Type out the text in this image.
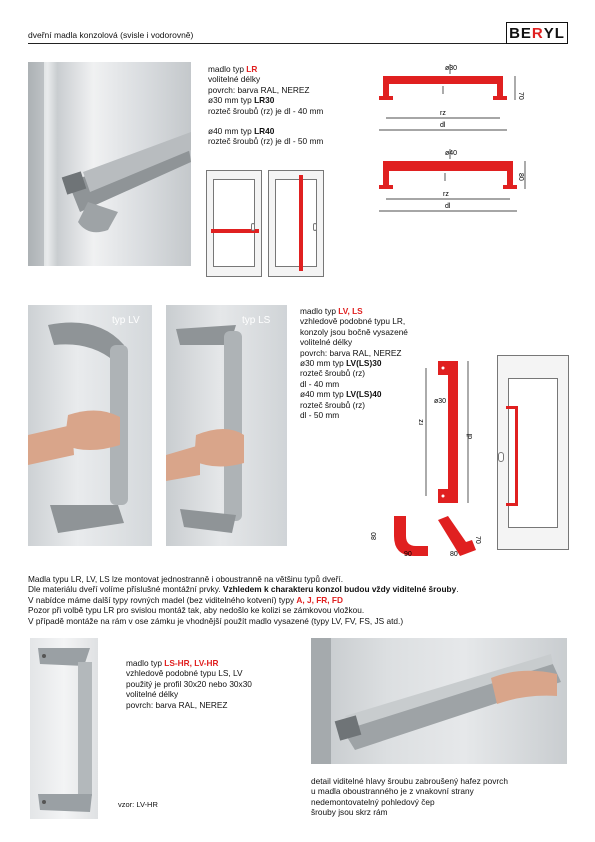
dveřní madla konzolová (svisle i vodorovně)	BE R YL
madlo typ LR
volitelné délky
povrch: barva RAL, NEREZ
ø30 mm typ LR30
rozteč šroubů (rz) je dl - 40 mm
ø40 mm typ LR40
rozteč šroubů (rz) je dl - 50 mm
ø30
70
rz
dl
ø40
80
rz
dl
typ LV	typ LS
madlo typ LV, LS
vzhledově podobné typu LR,
konzoly jsou bočně vysazené
volitelné délky
povrch: barva RAL, NEREZ
ø30 mm typ LV(LS)30
rozteč šroubů (rz)
dl - 40 mm
ø40 mm typ LV(LS)40
rozteč šroubů (rz)
dl - 50 mm
ø30
rz
dl
80
90
70
80
Madla typu LR, LV, LS lze montovat jednostranně i oboustranně na většinu typů dveří.
Dle materiálu dveří volíme příslušné montážní prvky. Vzhledem k charakteru konzol budou vždy viditelné šrouby.
V nabídce máme další typy rovných madel (bez viditelného kotvení) typy A, J, FR, FD
Pozor při volbě typu LR pro svislou montáž tak, aby nedošlo ke kolizi se zámkovou vložkou.
V případě montáže na rám v ose zámku je vhodnější použít madlo vysazené (typy LV, FV, FS, JS atd.)
madlo typ LS-HR, LV-HR
vzhledově podobné typu LS, LV
použitý je profil 30x20 nebo 30x30
volitelné délky
povrch: barva RAL, NEREZ
vzor: LV-HR
detail viditelné hlavy šroubu zabroušený hafez povrch
u madla oboustranného je z vnakovní strany
nedemontovatelný pohledový čep
šrouby jsou skrz rám
